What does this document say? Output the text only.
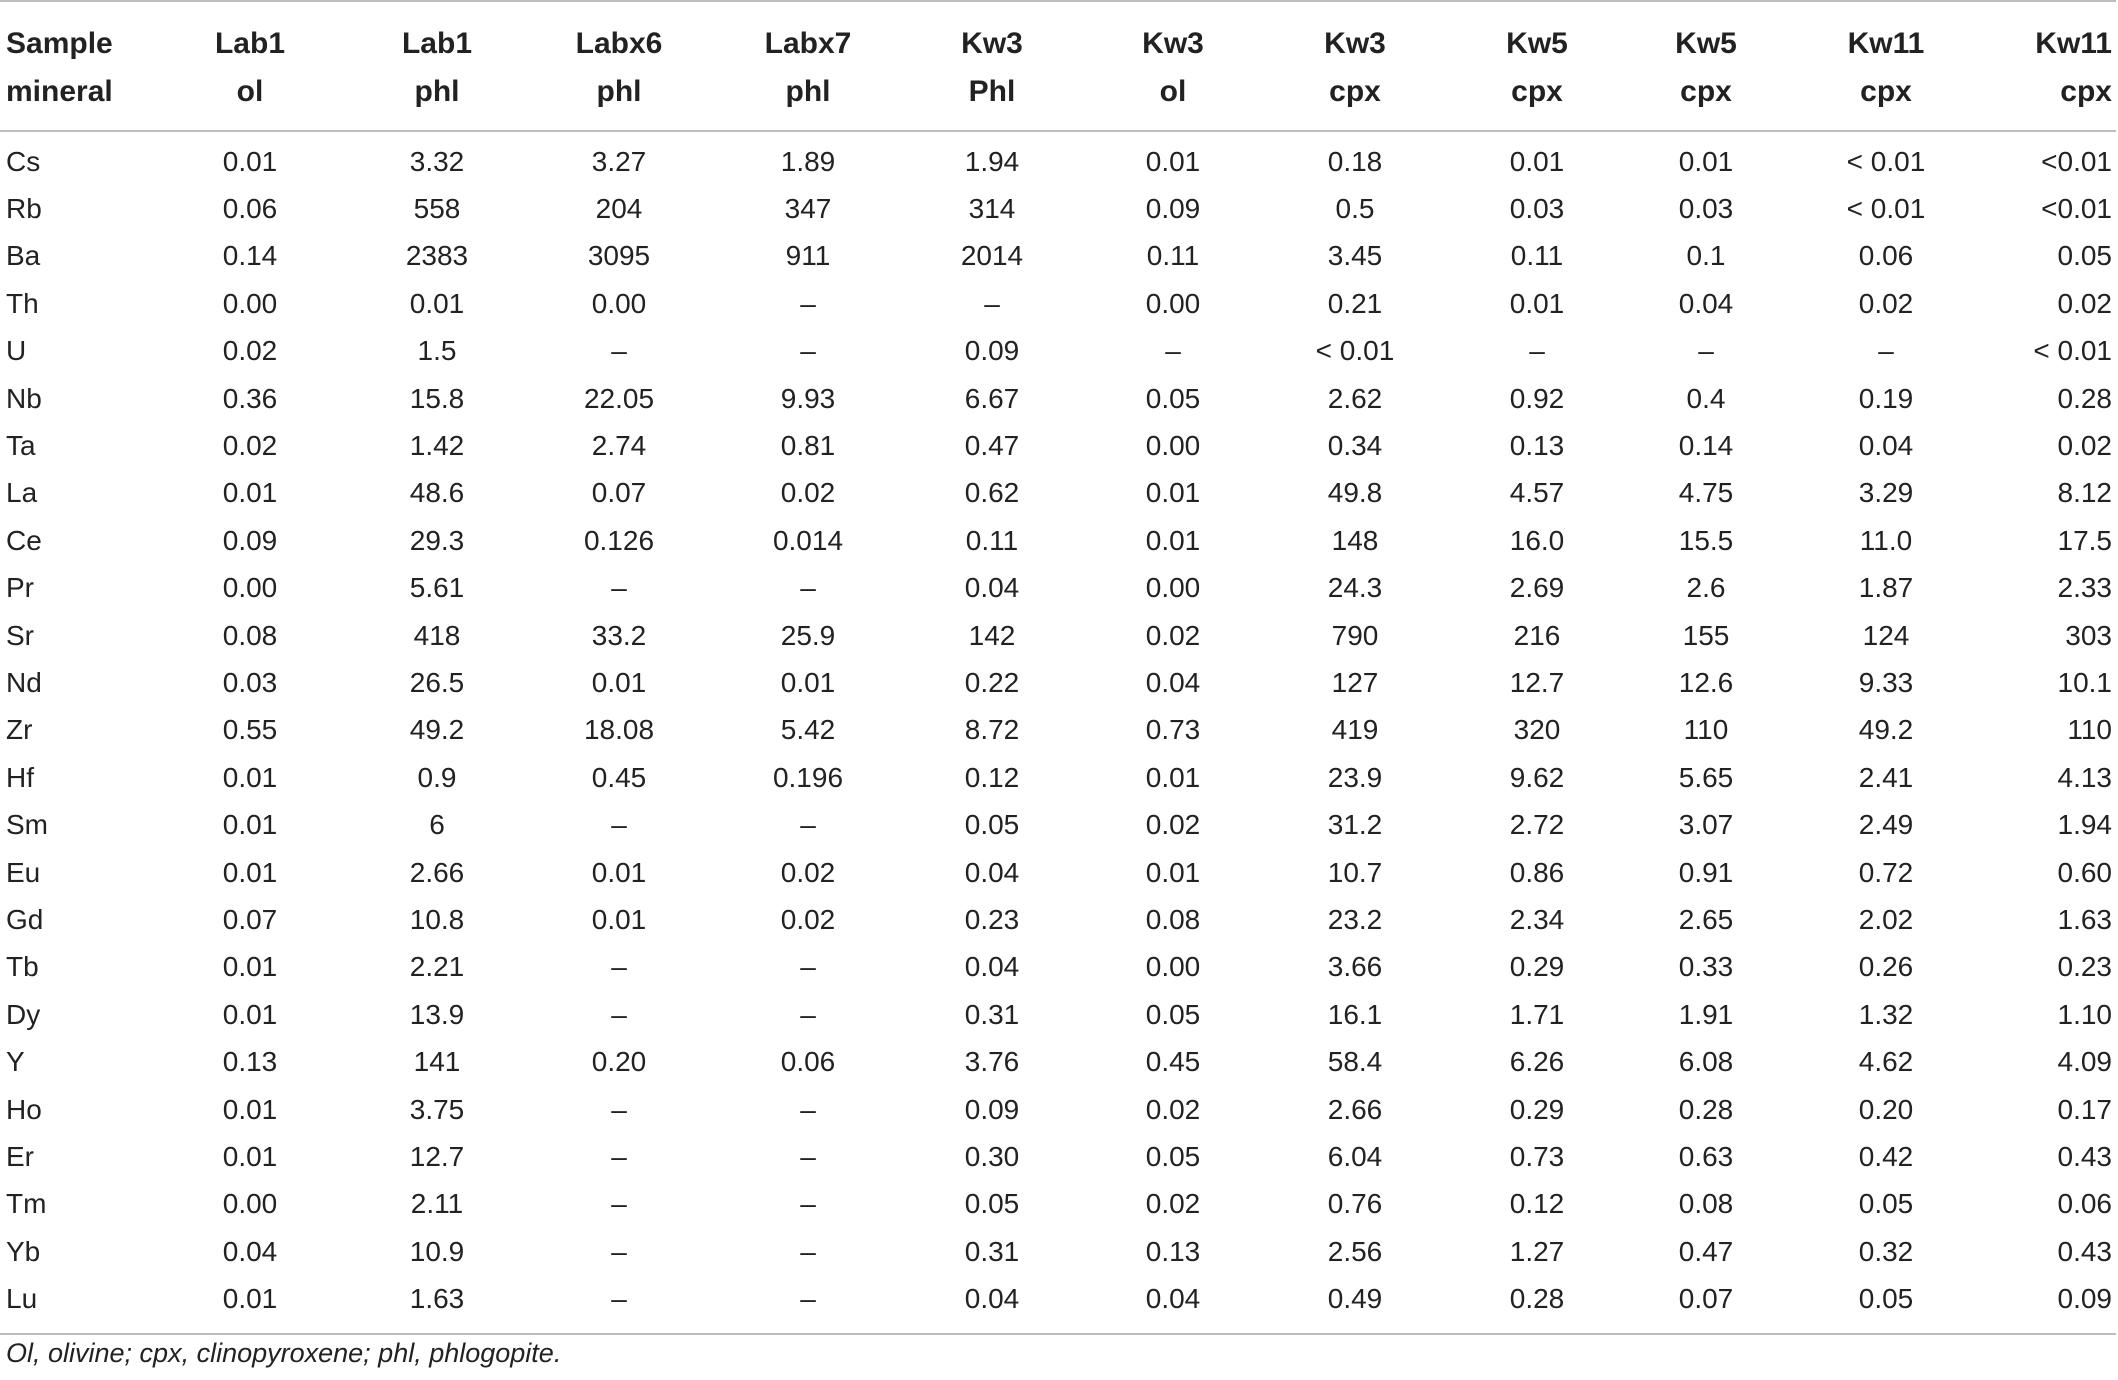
Sample	Lab1	Lab1	Labx6	Labx7	Kw3	Kw3	Kw3	Kw5	Kw5	Kw11	Kw11
mineral	ol	phl	phl	phl	Phl	ol	cpx	cpx	cpx	cpx	cpx
Cs	0.01	3.32	3.27	1.89	1.94	0.01	0.18	0.01	0.01	< 0.01	<0.01
Rb	0.06	558	204	347	314	0.09	0.5	0.03	0.03	< 0.01	<0.01
Ba	0.14	2383	3095	911	2014	0.11	3.45	0.11	0.1	0.06	0.05
Th	0.00	0.01	0.00	–	–	0.00	0.21	0.01	0.04	0.02	0.02
U	0.02	1.5	–	–	0.09	–	< 0.01	–	–	–	< 0.01
Nb	0.36	15.8	22.05	9.93	6.67	0.05	2.62	0.92	0.4	0.19	0.28
Ta	0.02	1.42	2.74	0.81	0.47	0.00	0.34	0.13	0.14	0.04	0.02
La	0.01	48.6	0.07	0.02	0.62	0.01	49.8	4.57	4.75	3.29	8.12
Ce	0.09	29.3	0.126	0.014	0.11	0.01	148	16.0	15.5	11.0	17.5
Pr	0.00	5.61	–	–	0.04	0.00	24.3	2.69	2.6	1.87	2.33
Sr	0.08	418	33.2	25.9	142	0.02	790	216	155	124	303
Nd	0.03	26.5	0.01	0.01	0.22	0.04	127	12.7	12.6	9.33	10.1
Zr	0.55	49.2	18.08	5.42	8.72	0.73	419	320	110	49.2	110
Hf	0.01	0.9	0.45	0.196	0.12	0.01	23.9	9.62	5.65	2.41	4.13
Sm	0.01	6	–	–	0.05	0.02	31.2	2.72	3.07	2.49	1.94
Eu	0.01	2.66	0.01	0.02	0.04	0.01	10.7	0.86	0.91	0.72	0.60
Gd	0.07	10.8	0.01	0.02	0.23	0.08	23.2	2.34	2.65	2.02	1.63
Tb	0.01	2.21	–	–	0.04	0.00	3.66	0.29	0.33	0.26	0.23
Dy	0.01	13.9	–	–	0.31	0.05	16.1	1.71	1.91	1.32	1.10
Y	0.13	141	0.20	0.06	3.76	0.45	58.4	6.26	6.08	4.62	4.09
Ho	0.01	3.75	–	–	0.09	0.02	2.66	0.29	0.28	0.20	0.17
Er	0.01	12.7	–	–	0.30	0.05	6.04	0.73	0.63	0.42	0.43
Tm	0.00	2.11	–	–	0.05	0.02	0.76	0.12	0.08	0.05	0.06
Yb	0.04	10.9	–	–	0.31	0.13	2.56	1.27	0.47	0.32	0.43
Lu	0.01	1.63	–	–	0.04	0.04	0.49	0.28	0.07	0.05	0.09
Ol, olivine; cpx, clinopyroxene; phl, phlogopite.
